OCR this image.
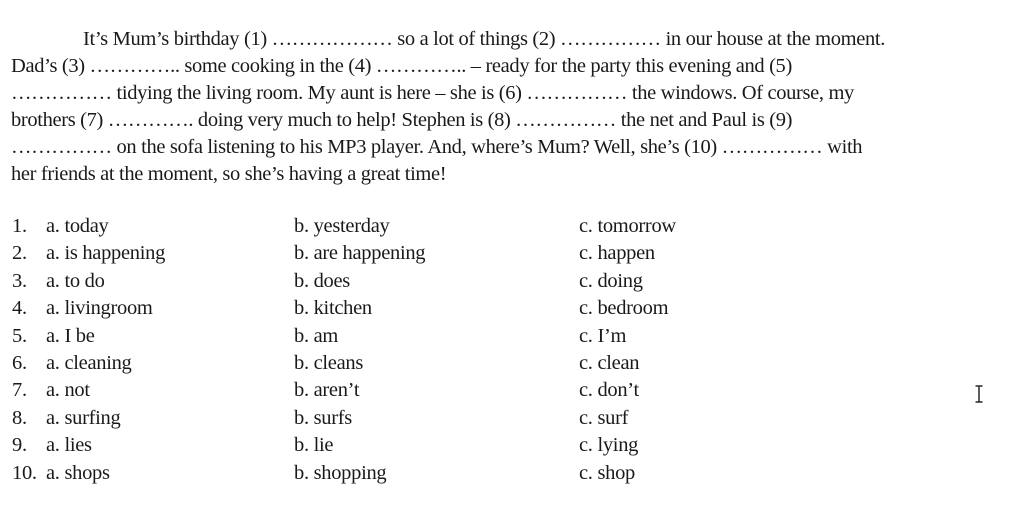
It’s Mum’s birthday (1) ……………… so a lot of things (2) …………… in our house at the moment.
Dad’s (3) ………….. some cooking in the (4) ………….. – ready for the party this evening and (5)
…………… tidying the living room. My aunt is here – she is (6) …………… the windows. Of course, my
brothers (7) …………. doing very much to help! Stephen is (8) …………… the net and Paul is (9)
…………… on the sofa listening to his MP3 player. And, where’s Mum? Well, she’s (10) …………… with
her friends at the moment, so she’s having a great time!
1. a. today	b. yesterday	c. tomorrow
2. a. is happening	b. are happening	c. happen
3. a. to do	b. does	c. doing
4. a. livingroom	b. kitchen	c. bedroom
5. a. I be	b. am	c. I’m
6. a. cleaning	b. cleans	c. clean
7. a. not	b. aren’t	c. don’t
8. a. surfing	b. surfs	c. surf
9. a. lies	b. lie	c. lying
10. a. shops	b. shopping	c. shop
